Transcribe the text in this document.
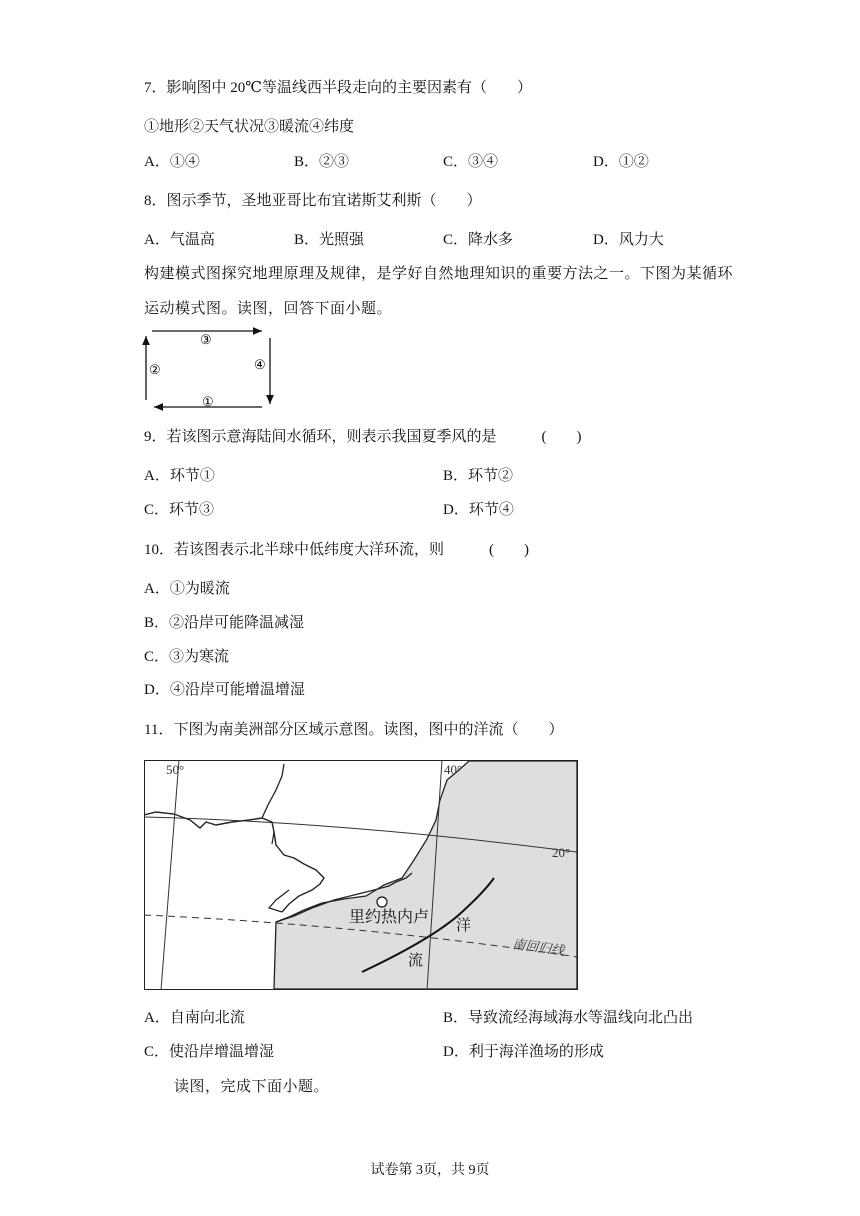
7．影响图中 20℃等温线西半段走向的主要因素有（　　）
①地形②天气状况③暖流④纬度
A．①④	B．②③	C．③④	D．①②
8．图示季节，圣地亚哥比布宜诺斯艾利斯（　　）
A．气温高	B．光照强	C．降水多	D．风力大
构建模式图探究地理原理及规律，是学好自然地理知识的重要方法之一。下图为某循环
运动模式图。读图，回答下面小题。
③
②	④
①
9．若该图示意海陆间水循环，则表示我国夏季风的是　　　(　　)
A．环节①	B．环节②
C．环节③	D．环节④
10．若该图表示北半球中低纬度大洋环流，则　　　(　　)
A．①为暖流
B．②沿岸可能降温减湿
C．③为寒流
D．④沿岸可能增温增湿
11．下图为南美洲部分区域示意图。读图，图中的洋流（　　）
50°	40°
20°
里约热内卢 洋
流
南回归线
A．自南向北流	B．导致流经海域海水等温线向北凸出
C．使沿岸增温增湿	D．利于海洋渔场的形成
读图，完成下面小题。
试卷第 3页，共 9页
